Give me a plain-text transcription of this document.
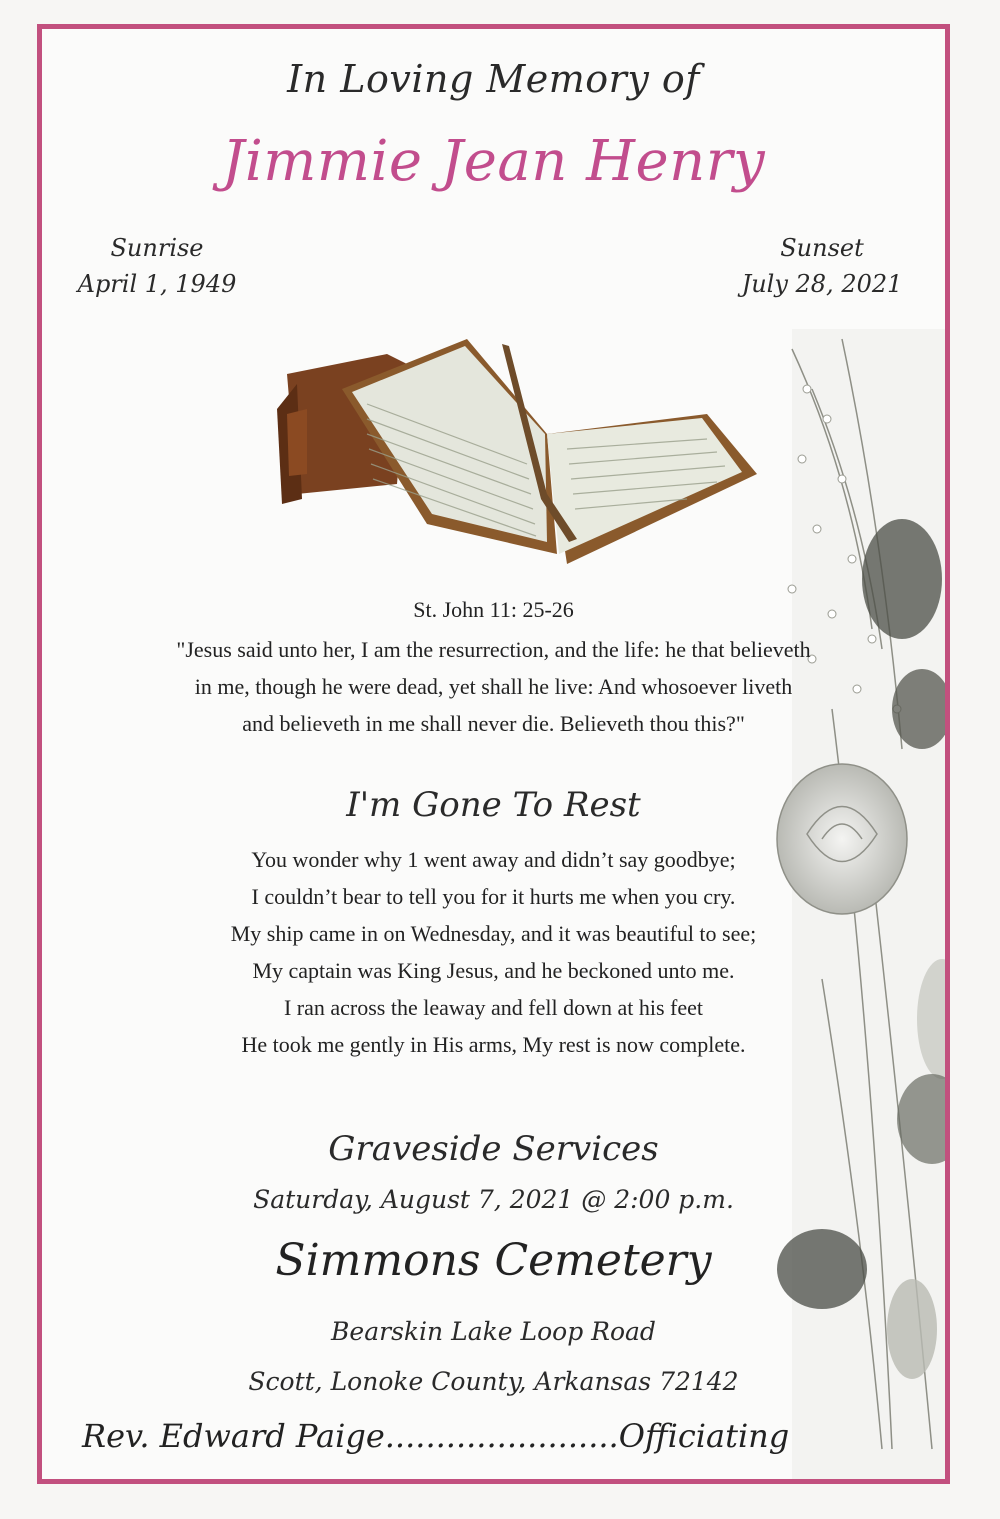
In Loving Memory of
Jimmie Jean Henry
Sunrise
April 1, 1949
Sunset
July 28, 2021
St. John 11: 25-26
"Jesus said unto her, I am the resurrection, and the life: he that believeth
in me, though he were dead, yet shall he live: And whosoever liveth
and believeth in me shall never die. Believeth thou this?"
I'm Gone To Rest
You wonder why 1 went away and didn’t say goodbye;
I couldn’t bear to tell you for it hurts me when you cry.
My ship came in on Wednesday, and it was beautiful to see;
My captain was King Jesus, and he beckoned unto me.
I ran across the leaway and fell down at his feet
He took me gently in His arms, My rest is now complete.
Graveside Services
Saturday, August 7, 2021 @ 2:00 p.m.
Simmons Cemetery
Bearskin Lake Loop Road
Scott, Lonoke County, Arkansas 72142
Rev. Edward Paige.......................Officiating
